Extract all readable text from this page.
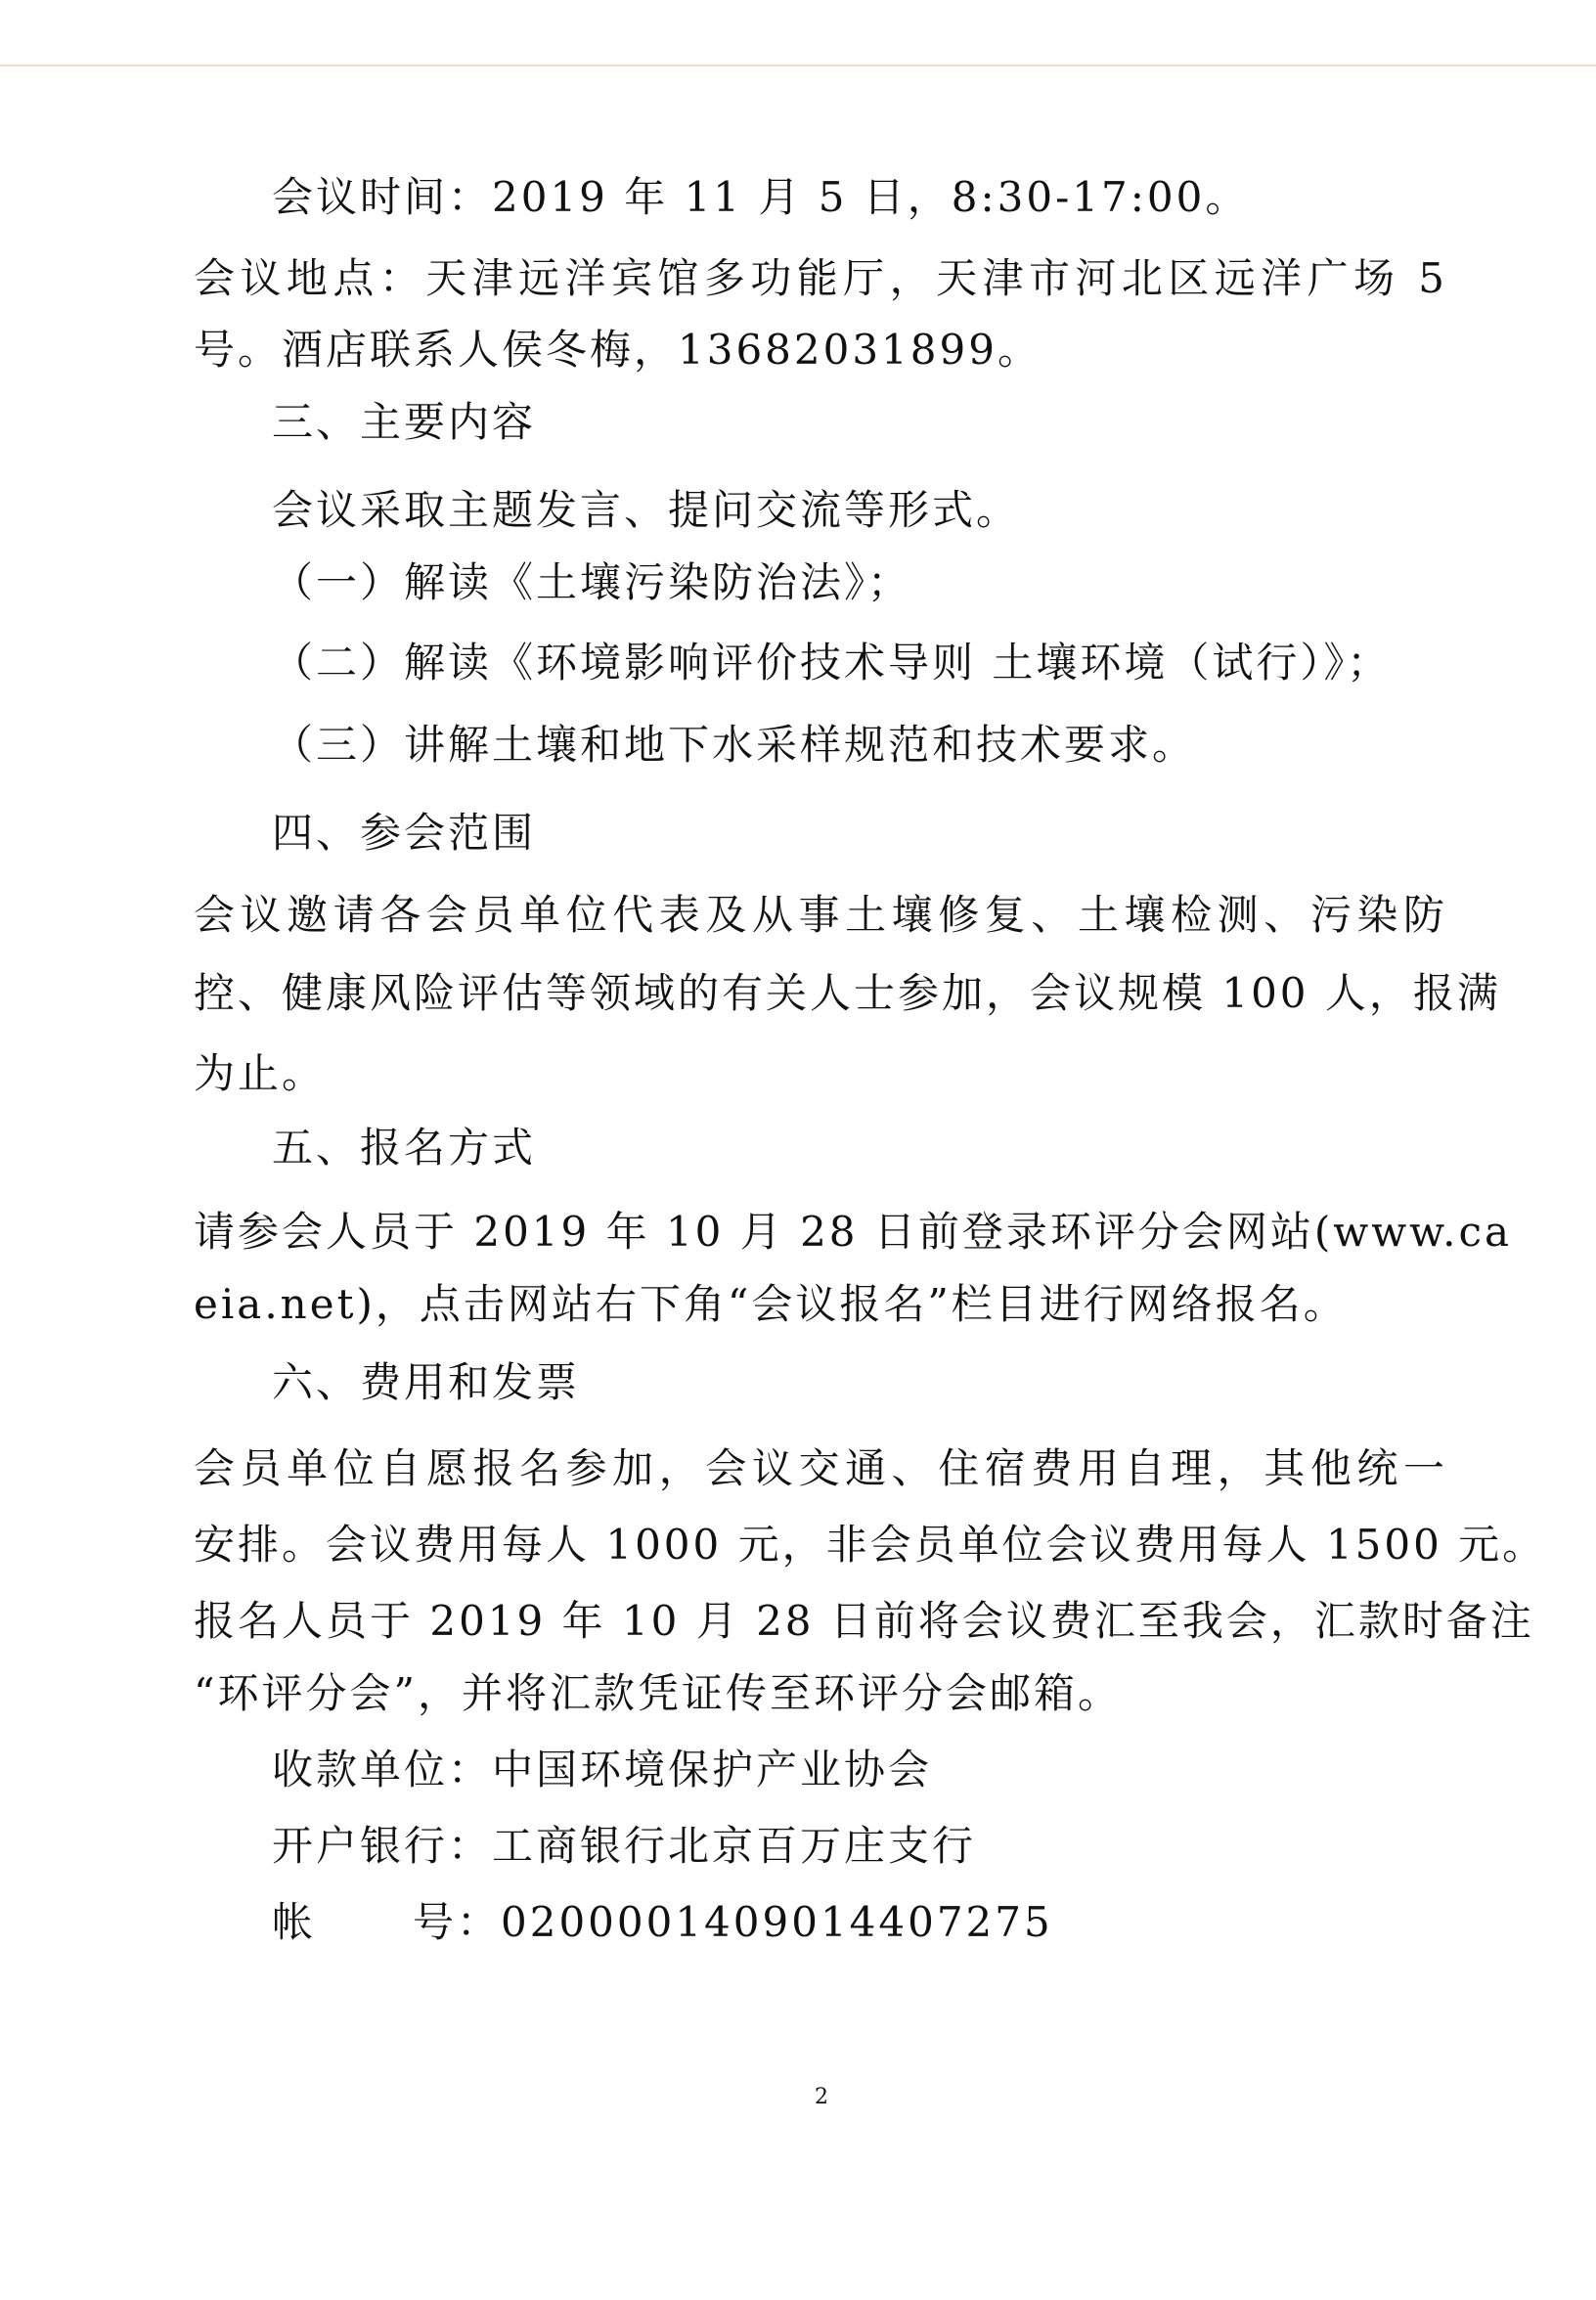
会议时间：2019 年 11 月 5 日，8:30-17:00。
会议地点：天津远洋宾馆多功能厅，天津市河北区远洋广场 5
号。酒店联系人侯冬梅，13682031899。
三、主要内容
会议采取主题发言、提问交流等形式。
（一）解读《土壤污染防治法》；
（二）解读《环境影响评价技术导则 土壤环境（试行）》；
（三）讲解土壤和地下水采样规范和技术要求。
四、参会范围
会议邀请各会员单位代表及从事土壤修复、土壤检测、污染防
控、健康风险评估等领域的有关人士参加，会议规模 100 人，报满
为止。
五、报名方式
请参会人员于 2019 年 10 月 28 日前登录环评分会网站(www.ca
eia.net)，点击网站右下角“会议报名”栏目进行网络报名。
六、费用和发票
会员单位自愿报名参加，会议交通、住宿费用自理，其他统一
安排。会议费用每人 1000 元，非会员单位会议费用每人 1500 元。
报名人员于 2019 年 10 月 28 日前将会议费汇至我会，汇款时备注
“环评分会”，并将汇款凭证传至环评分会邮箱。
收款单位：中国环境保护产业协会
开户银行：工商银行北京百万庄支行
帐 号：0200001409014407275
2
